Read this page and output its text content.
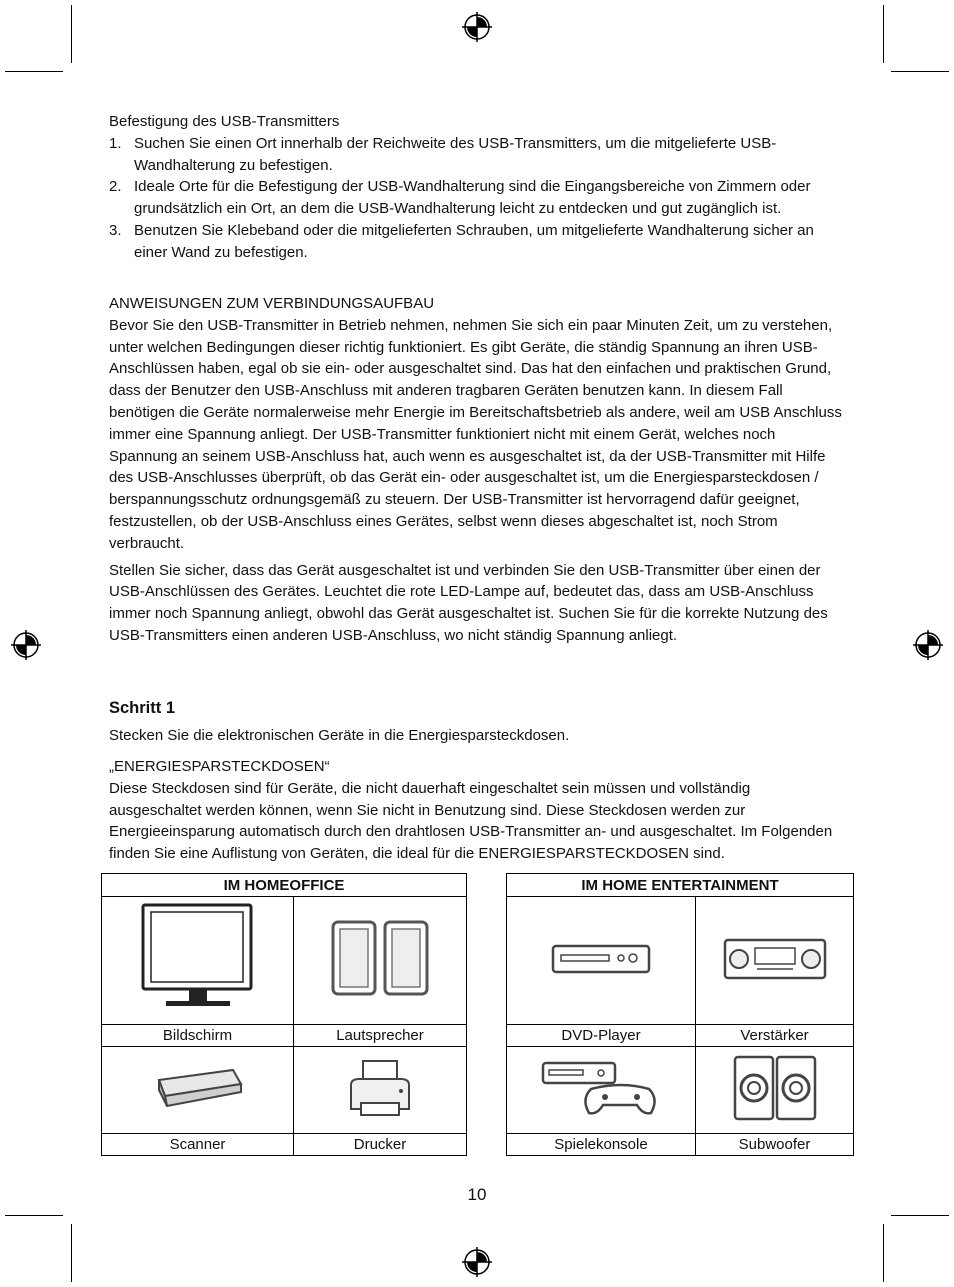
Befestigung des USB-Transmitters

1. Suchen Sie einen Ort innerhalb der Reichweite des USB-Transmitters, um die mitgelieferte USB-Wandhalterung zu befestigen.
2. Ideale Orte für die Befestigung der USB-Wandhalterung sind die Eingangsbereiche von Zimmern oder grundsätzlich ein Ort, an dem die USB-Wandhalterung leicht zu entdecken und gut zugänglich ist.
3. Benutzen Sie Klebeband oder die mitgelieferten Schrauben, um mitgelieferte Wandhalterung sicher an einer Wand zu befestigen.

ANWEISUNGEN ZUM VERBINDUNGSAUFBAU

Bevor Sie den USB-Transmitter in Betrieb nehmen, nehmen Sie sich ein paar Minuten Zeit, um zu verstehen, unter welchen Bedingungen dieser richtig funktioniert. Es gibt Geräte, die ständig Spannung an ihren USB-Anschlüssen haben, egal ob sie ein- oder ausgeschaltet sind. Das hat den einfachen und praktischen Grund, dass der Benutzer den USB-Anschluss mit anderen tragbaren Geräten benutzen kann. In diesem Fall benötigen die Geräte normalerweise mehr Energie im Bereitschaftsbetrieb als andere, weil am USB Anschluss immer eine Spannung anliegt. Der USB-Transmitter funktioniert nicht mit einem Gerät, welches noch Spannung an seinem USB-Anschluss hat, auch wenn es ausgeschaltet ist, da der USB-Transmitter mit Hilfe des USB-Anschlusses überprüft, ob das Gerät ein- oder ausgeschaltet ist, um die Energiesparsteckdosen / berspannungsschutz ordnungsgemäß zu steuern. Der USB-Transmitter ist hervorragend dafür geeignet, festzustellen, ob der USB-Anschluss eines Gerätes, selbst wenn dieses abgeschaltet ist, noch Strom verbraucht.

Stellen Sie sicher, dass das Gerät ausgeschaltet ist und verbinden Sie den USB-Transmitter über einen der USB-Anschlüssen des Gerätes. Leuchtet die rote LED-Lampe auf, bedeutet das, dass am USB-Anschluss immer noch Spannung anliegt, obwohl das Gerät ausgeschaltet ist. Suchen Sie für die korrekte Nutzung des USB-Transmitters einen anderen USB-Anschluss, wo nicht ständig Spannung anliegt.

Schritt 1

Stecken Sie die elektronischen Geräte in die Energiesparsteckdosen.

„ENERGIESPARSTECKDOSEN“

Diese Steckdosen sind für Geräte, die nicht dauerhaft eingeschaltet sein müssen und vollständig ausgeschaltet werden können, wenn Sie nicht in Benutzung sind. Diese Steckdosen werden zur Energieeinsparung automatisch durch den drahtlosen USB-Transmitter an- und ausgeschaltet. Im Folgenden finden Sie eine Auflistung von Geräten, die ideal für die ENERGIESPARSTECKDOSEN sind.

IM HOMEOFFICE	

Bildschirm	Lautsprecher

Scanner	Drucker
IM HOME ENTERTAINMENT	

DVD-Player	Verstärker

Spielekonsole	Subwoofer
10
